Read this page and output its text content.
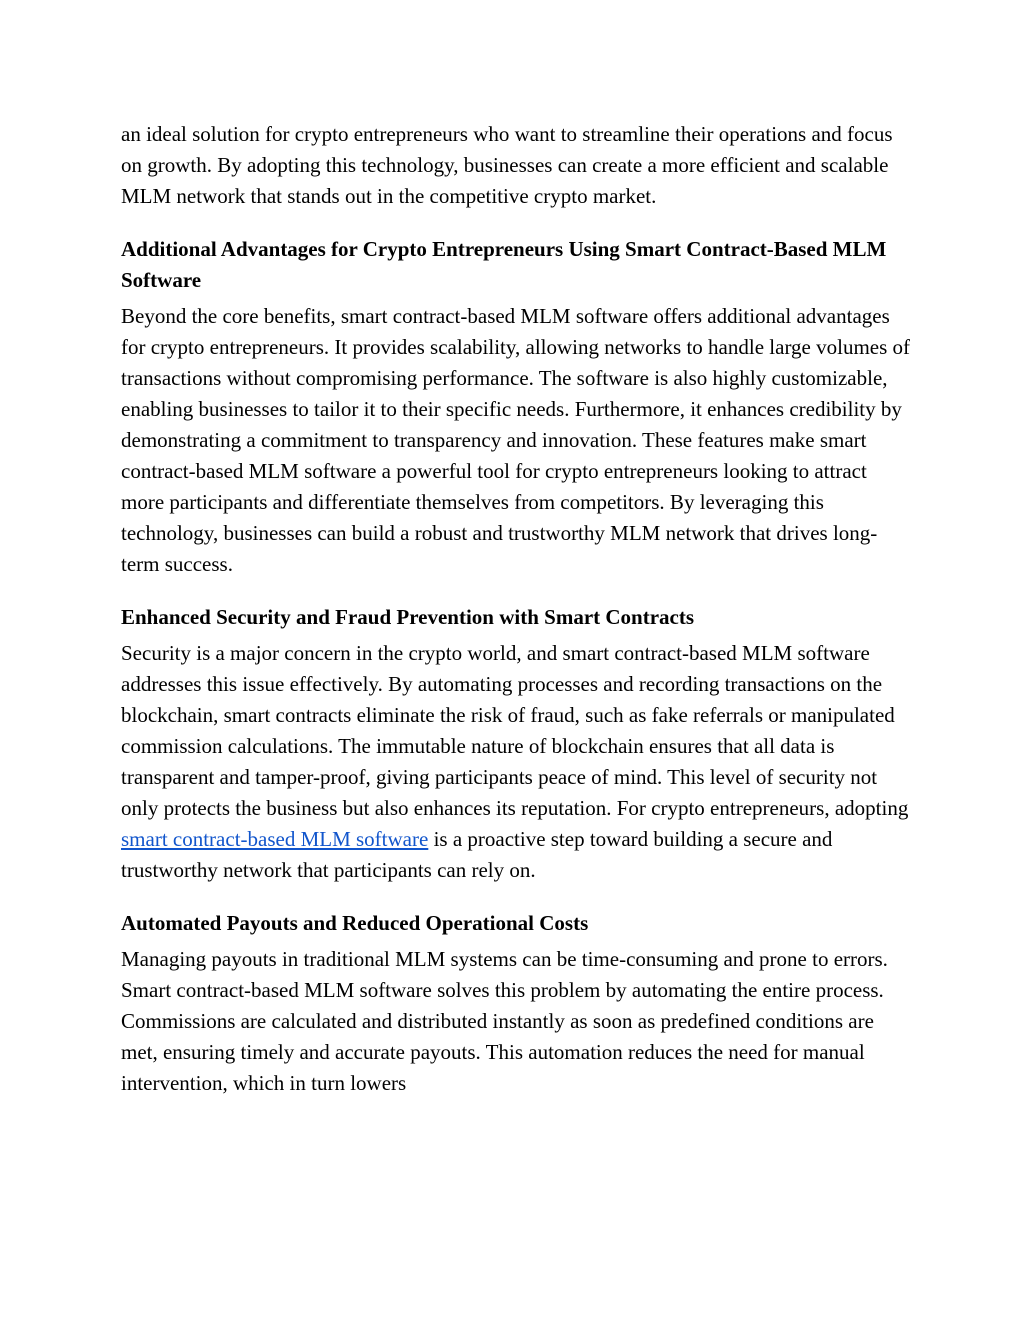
an ideal solution for crypto entrepreneurs who want to streamline their operations and focus on growth. By adopting this technology, businesses can create a more efficient and scalable MLM network that stands out in the competitive crypto market.

Additional Advantages for Crypto Entrepreneurs Using Smart Contract-Based MLM Software

Beyond the core benefits, smart contract-based MLM software offers additional advantages for crypto entrepreneurs. It provides scalability, allowing networks to handle large volumes of transactions without compromising performance. The software is also highly customizable, enabling businesses to tailor it to their specific needs. Furthermore, it enhances credibility by demonstrating a commitment to transparency and innovation. These features make smart contract-based MLM software a powerful tool for crypto entrepreneurs looking to attract more participants and differentiate themselves from competitors. By leveraging this technology, businesses can build a robust and trustworthy MLM network that drives long-term success.

Enhanced Security and Fraud Prevention with Smart Contracts

Security is a major concern in the crypto world, and smart contract-based MLM software addresses this issue effectively. By automating processes and recording transactions on the blockchain, smart contracts eliminate the risk of fraud, such as fake referrals or manipulated commission calculations. The immutable nature of blockchain ensures that all data is transparent and tamper-proof, giving participants peace of mind. This level of security not only protects the business but also enhances its reputation. For crypto entrepreneurs, adopting smart contract-based MLM software is a proactive step toward building a secure and trustworthy network that participants can rely on.

Automated Payouts and Reduced Operational Costs

Managing payouts in traditional MLM systems can be time-consuming and prone to errors. Smart contract-based MLM software solves this problem by automating the entire process. Commissions are calculated and distributed instantly as soon as predefined conditions are met, ensuring timely and accurate payouts. This automation reduces the need for manual intervention, which in turn lowers
